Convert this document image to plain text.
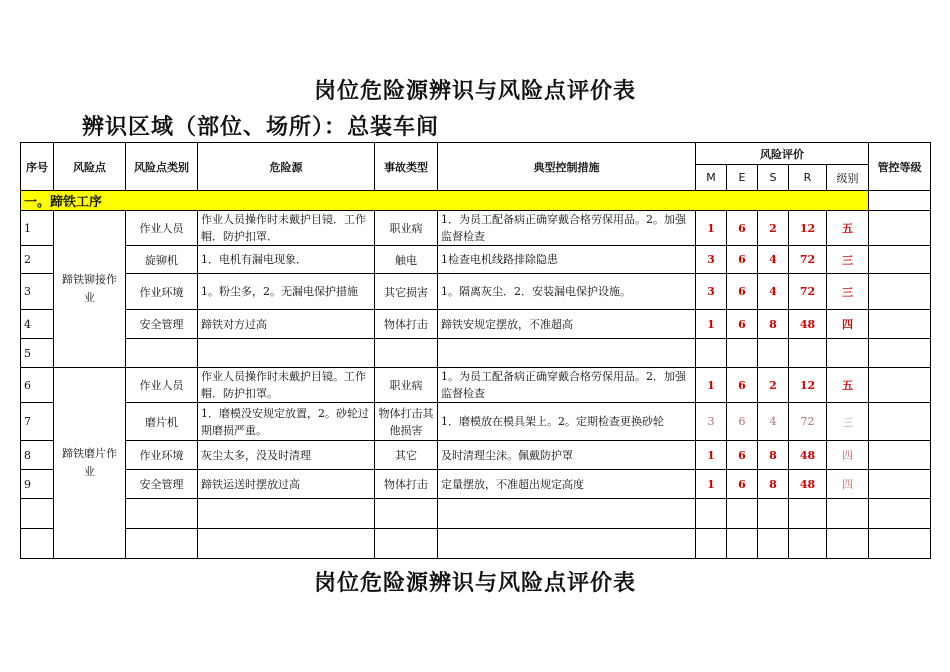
岗位危险源辨识与风险点评价表
辨识区域（部位、场所）：总装车间
序号	风险点	风险点类别	危险源	事故类型	典型控制措施	风险评价					管控等级
						M	E	S	R	级别	
一。蹄铁工序											
1	蹄铁铆接作业	作业人员	作业人员操作时未戴护目镜．工作帽．防护扣罩．	职业病	1．为员工配备病正确穿戴合格劳保用品。2。加强监督检查	1	6	2	12	五	
2		旋铆机	1．电机有漏电现象．	触电	1检查电机线路排除隐患	3	6	4	72	三	
3		作业环境	1。粉尘多，2。无漏电保护措施	其它损害	1。隔离灰尘．2．安装漏电保护设施。	3	6	4	72	三	
4		安全管理	蹄铁对方过高	物体打击	蹄铁安规定摆放，不准超高	1	6	8	48	四	
5											
6	蹄铁磨片作业	作业人员	作业人员操作时未戴护目镜。工作帽．防护扣罩。	职业病	1。为员工配备病正确穿戴合格劳保用品。2．加强监督检查	1	6	2	12	五	
7		磨片机	1．磨模没安规定放置，2。砂轮过期磨损严重。	物体打击其他损害	1．磨模放在模具架上。2。定期检查更换砂轮	3	6	4	72	三	
8		作业环境	灰尘太多，没及时清理	其它	及时清理尘沫。佩戴防护罩	1	6	8	48	四	
9		安全管理	蹄铁运送时摆放过高	物体打击	定量摆放，不准超出规定高度	1	6	8	48	四	

岗位危险源辨识与风险点评价表
